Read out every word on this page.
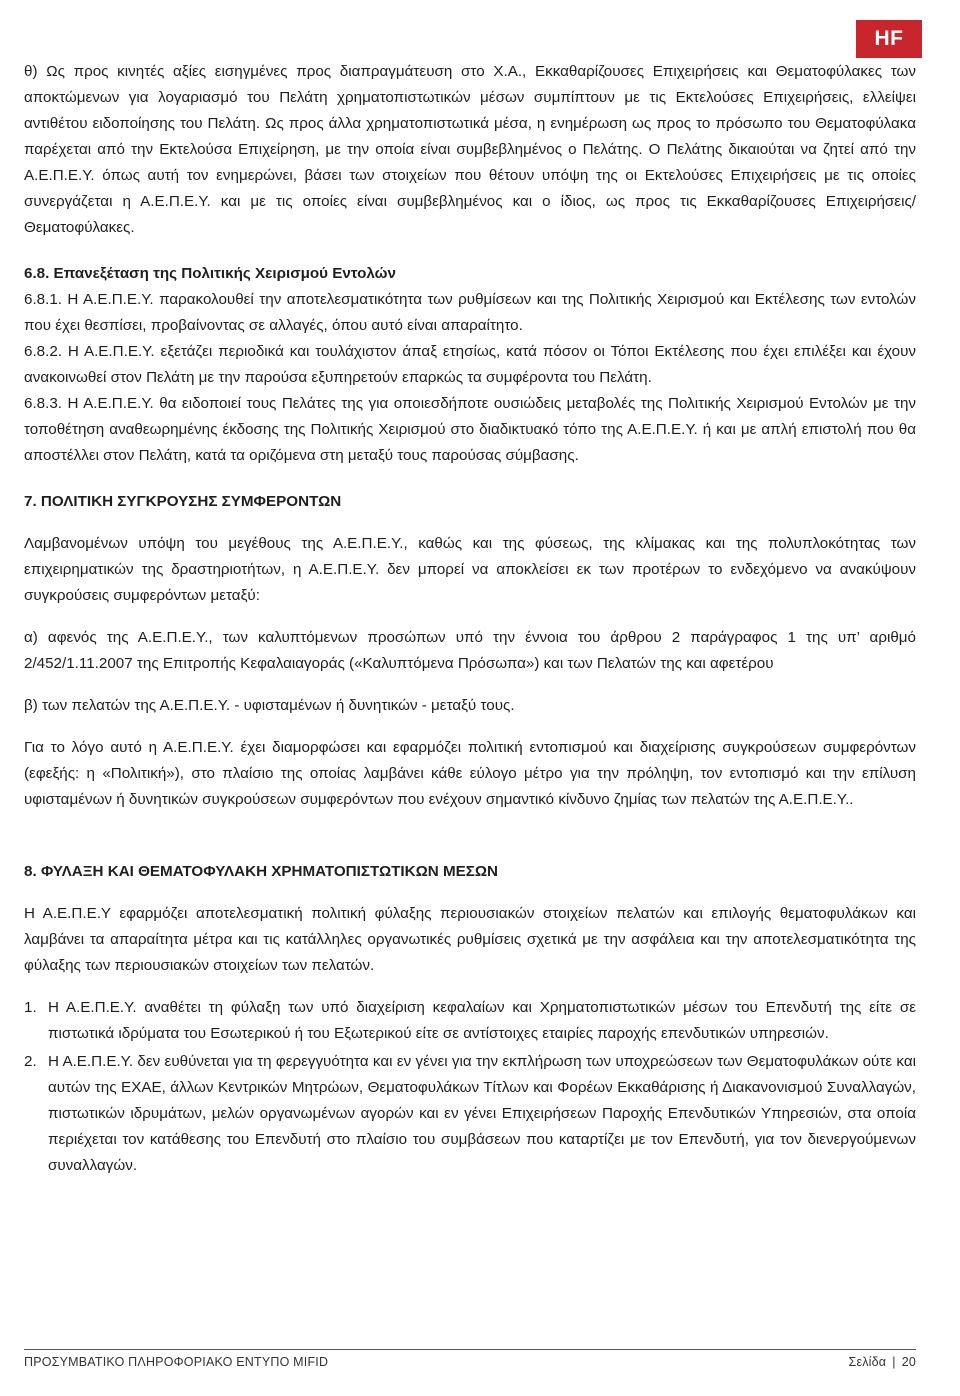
HF

θ) Ως προς κινητές αξίες εισηγμένες προς διαπραγμάτευση στο Χ.Α., Εκκαθαρίζουσες Επιχειρήσεις και Θεματοφύλακες των αποκτώμενων για λογαριασμό του Πελάτη χρηματοπιστωτικών μέσων συμπίπτουν με τις Εκτελούσες Επιχειρήσεις, ελλείψει αντιθέτου ειδοποίησης του Πελάτη. Ως προς άλλα χρηματοπιστωτικά μέσα, η ενημέρωση ως προς το πρόσωπο του Θεματοφύλακα παρέχεται από την Εκτελούσα Επιχείρηση, με την οποία είναι συμβεβλημένος ο Πελάτης. Ο Πελάτης δικαιούται να ζητεί από την Α.Ε.Π.Ε.Υ. όπως αυτή τον ενημερώνει, βάσει των στοιχείων που θέτουν υπόψη της οι Εκτελούσες Επιχειρήσεις με τις οποίες συνεργάζεται η Α.Ε.Π.Ε.Υ. και με τις οποίες είναι συμβεβλημένος και ο ίδιος, ως προς τις Εκκαθαρίζουσες Επιχειρήσεις/Θεματοφύλακες.

6.8. Επανεξέταση της Πολιτικής Χειρισμού Εντολών

6.8.1. Η Α.Ε.Π.Ε.Υ. παρακολουθεί την αποτελεσματικότητα των ρυθμίσεων και της Πολιτικής Χειρισμού και Εκτέλεσης των εντολών που έχει θεσπίσει, προβαίνοντας σε αλλαγές, όπου αυτό είναι απαραίτητο.

6.8.2. Η Α.Ε.Π.Ε.Υ. εξετάζει περιοδικά και τουλάχιστον άπαξ ετησίως, κατά πόσον οι Τόποι Εκτέλεσης που έχει επιλέξει και έχουν ανακοινωθεί στον Πελάτη με την παρούσα εξυπηρετούν επαρκώς τα συμφέροντα του Πελάτη.

6.8.3. Η Α.Ε.Π.Ε.Υ. θα ειδοποιεί τους Πελάτες της για οποιεσδήποτε ουσιώδεις μεταβολές της Πολιτικής Χειρισμού Εντολών με την τοποθέτηση αναθεωρημένης έκδοσης της Πολιτικής Χειρισμού στο διαδικτυακό τόπο της Α.Ε.Π.Ε.Υ. ή και με απλή επιστολή που θα αποστέλλει στον Πελάτη, κατά τα οριζόμενα στη μεταξύ τους παρούσας σύμβασης.

7. ΠΟΛΙΤΙΚΗ ΣΥΓΚΡΟΥΣΗΣ ΣΥΜΦΕΡΟΝΤΩΝ

Λαμβανομένων υπόψη του μεγέθους της Α.Ε.Π.Ε.Υ., καθώς και της φύσεως, της κλίμακας και της πολυπλοκότητας των επιχειρηματικών της δραστηριοτήτων, η Α.Ε.Π.Ε.Υ. δεν μπορεί να αποκλείσει εκ των προτέρων το ενδεχόμενο να ανακύψουν συγκρούσεις συμφερόντων μεταξύ:

α) αφενός της Α.Ε.Π.Ε.Υ., των καλυπτόμενων προσώπων υπό την έννοια του άρθρου 2 παράγραφος 1 της υπ’ αριθμό 2/452/1.11.2007 της Επιτροπής Κεφαλαιαγοράς («Καλυπτόμενα Πρόσωπα») και των Πελατών της και αφετέρου

β) των πελατών της Α.Ε.Π.Ε.Υ. - υφισταμένων ή δυνητικών - μεταξύ τους.

Για το λόγο αυτό η Α.Ε.Π.Ε.Υ. έχει διαμορφώσει και εφαρμόζει πολιτική εντοπισμού και διαχείρισης συγκρούσεων συμφερόντων (εφεξής: η «Πολιτική»), στο πλαίσιο της οποίας λαμβάνει κάθε εύλογο μέτρο για την πρόληψη, τον εντοπισμό και την επίλυση υφισταμένων ή δυνητικών συγκρούσεων συμφερόντων που ενέχουν σημαντικό κίνδυνο ζημίας των πελατών της Α.Ε.Π.Ε.Υ..

8. ΦΥΛΑΞΗ ΚΑΙ ΘΕΜΑΤΟΦΥΛΑΚΗ ΧΡΗΜΑΤΟΠΙΣΤΩΤΙΚΩΝ ΜΕΣΩΝ

Η Α.Ε.Π.Ε.Υ εφαρμόζει αποτελεσματική πολιτική φύλαξης περιουσιακών στοιχείων πελατών και επιλογής θεματοφυλάκων και λαμβάνει τα απαραίτητα μέτρα και τις κατάλληλες οργανωτικές ρυθμίσεις σχετικά με την ασφάλεια και την αποτελεσματικότητα της φύλαξης των περιουσιακών στοιχείων των πελατών.

1. Η Α.Ε.Π.Ε.Υ. αναθέτει τη φύλαξη των υπό διαχείριση κεφαλαίων και Χρηματοπιστωτικών μέσων του Επενδυτή της είτε σε πιστωτικά ιδρύματα του Εσωτερικού ή του Εξωτερικού είτε σε αντίστοιχες εταιρίες παροχής επενδυτικών υπηρεσιών.
2. Η Α.Ε.Π.Ε.Υ. δεν ευθύνεται για τη φερεγγυότητα και εν γένει για την εκπλήρωση των υποχρεώσεων των Θεματοφυλάκων ούτε και αυτών της ΕΧΑΕ, άλλων Κεντρικών Μητρώων, Θεματοφυλάκων Τίτλων και Φορέων Εκκαθάρισης ή Διακανονισμού Συναλλαγών, πιστωτικών ιδρυμάτων, μελών οργανωμένων αγορών και εν γένει Επιχειρήσεων Παροχής Επενδυτικών Υπηρεσιών, στα οποία περιέχεται τον κατάθεσης του Επενδυτή στο πλαίσιο του συμβάσεων που καταρτίζει με τον Επενδυτή, για τον διενεργούμενων συναλλαγών.
ΠΡΟΣΥΜΒΑΤΙΚΟ ΠΛΗΡΟΦΟΡΙΑΚΟ ΕΝΤΥΠΟ MIFID	Σελίδα | 20
